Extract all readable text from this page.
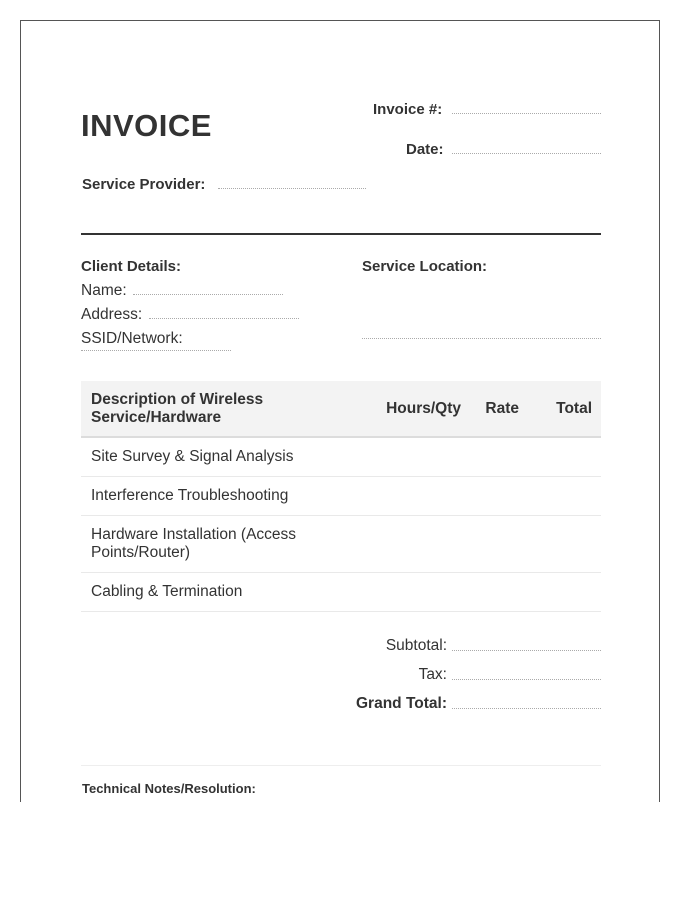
INVOICE	Invoice #:
Date:
Service Provider:
Client Details:
Name:
Address:
SSID/Network:
Service Location:
Description of Wireless Service/Hardware	Hours/Qty	Rate	Total
Site Survey & Signal Analysis			
Interference Troubleshooting			
Hardware Installation (Access Points/Router)			
Cabling & Termination			
Subtotal:
Tax:
Grand Total:
Technical Notes/Resolution:
